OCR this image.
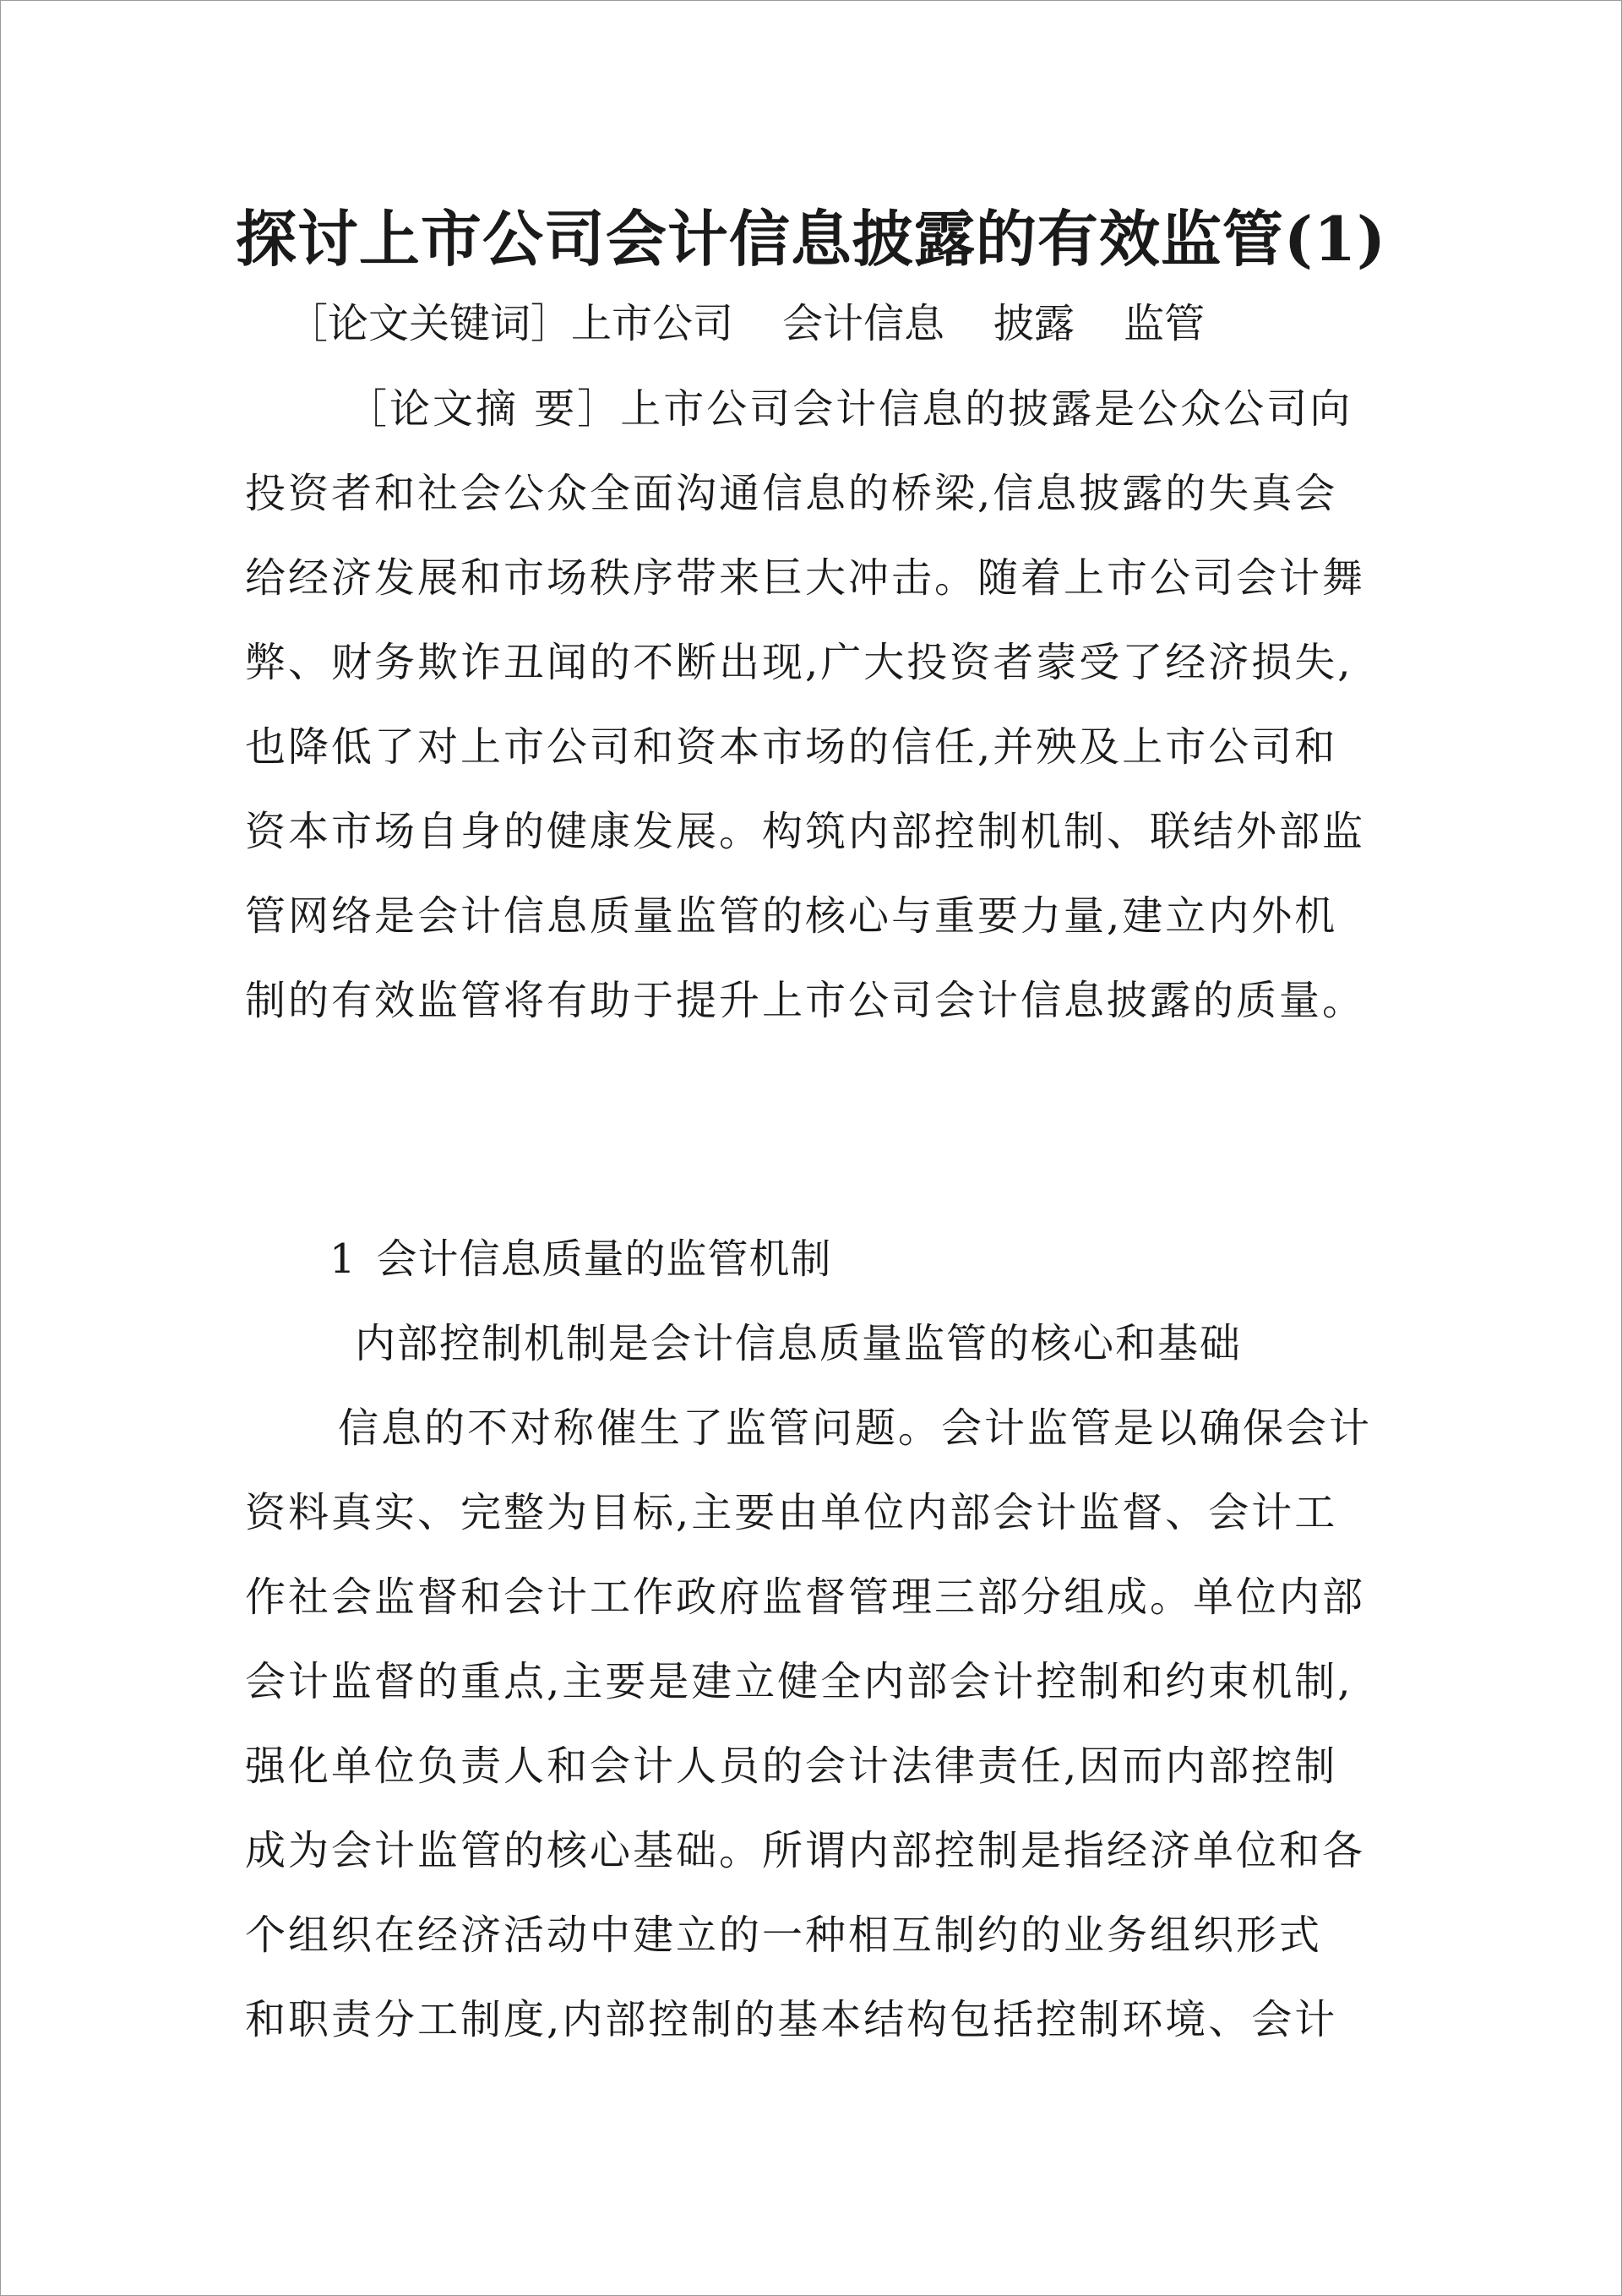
探讨上市公司会计信息披露的有效监管(1)
［论文关键词］上市公司 会计信息 披露 监管
［论文摘 要］上市公司会计信息的披露是公众公司向
投资者和社会公众全面沟通信息的桥梁,信息披露的失真会
给经济发展和市场秩序带来巨大冲击。随着上市公司会计舞
弊、财务欺诈丑闻的不断出现,广大投资者蒙受了经济损失,
也降低了对上市公司和资本市场的信任,并殃及上市公司和
资本市场自身的健康发展。构筑内部控制机制、联结外部监
管网络是会计信息质量监管的核心与重要力量,建立内外机
制的有效监管将有助于提升上市公司会计信息披露的质量。
1 会计信息质量的监管机制
内部控制机制是会计信息质量监管的核心和基础
信息的不对称催生了监管问题。会计监管是以确保会计
资料真实、完整为目标,主要由单位内部会计监督、会计工
作社会监督和会计工作政府监督管理三部分组成。单位内部
会计监督的重点,主要是建立健全内部会计控制和约束机制,
强化单位负责人和会计人员的会计法律责任,因而内部控制
成为会计监管的核心基础。所谓内部控制是指经济单位和各
个组织在经济活动中建立的一种相互制约的业务组织形式
和职责分工制度,内部控制的基本结构包括控制环境、会计
